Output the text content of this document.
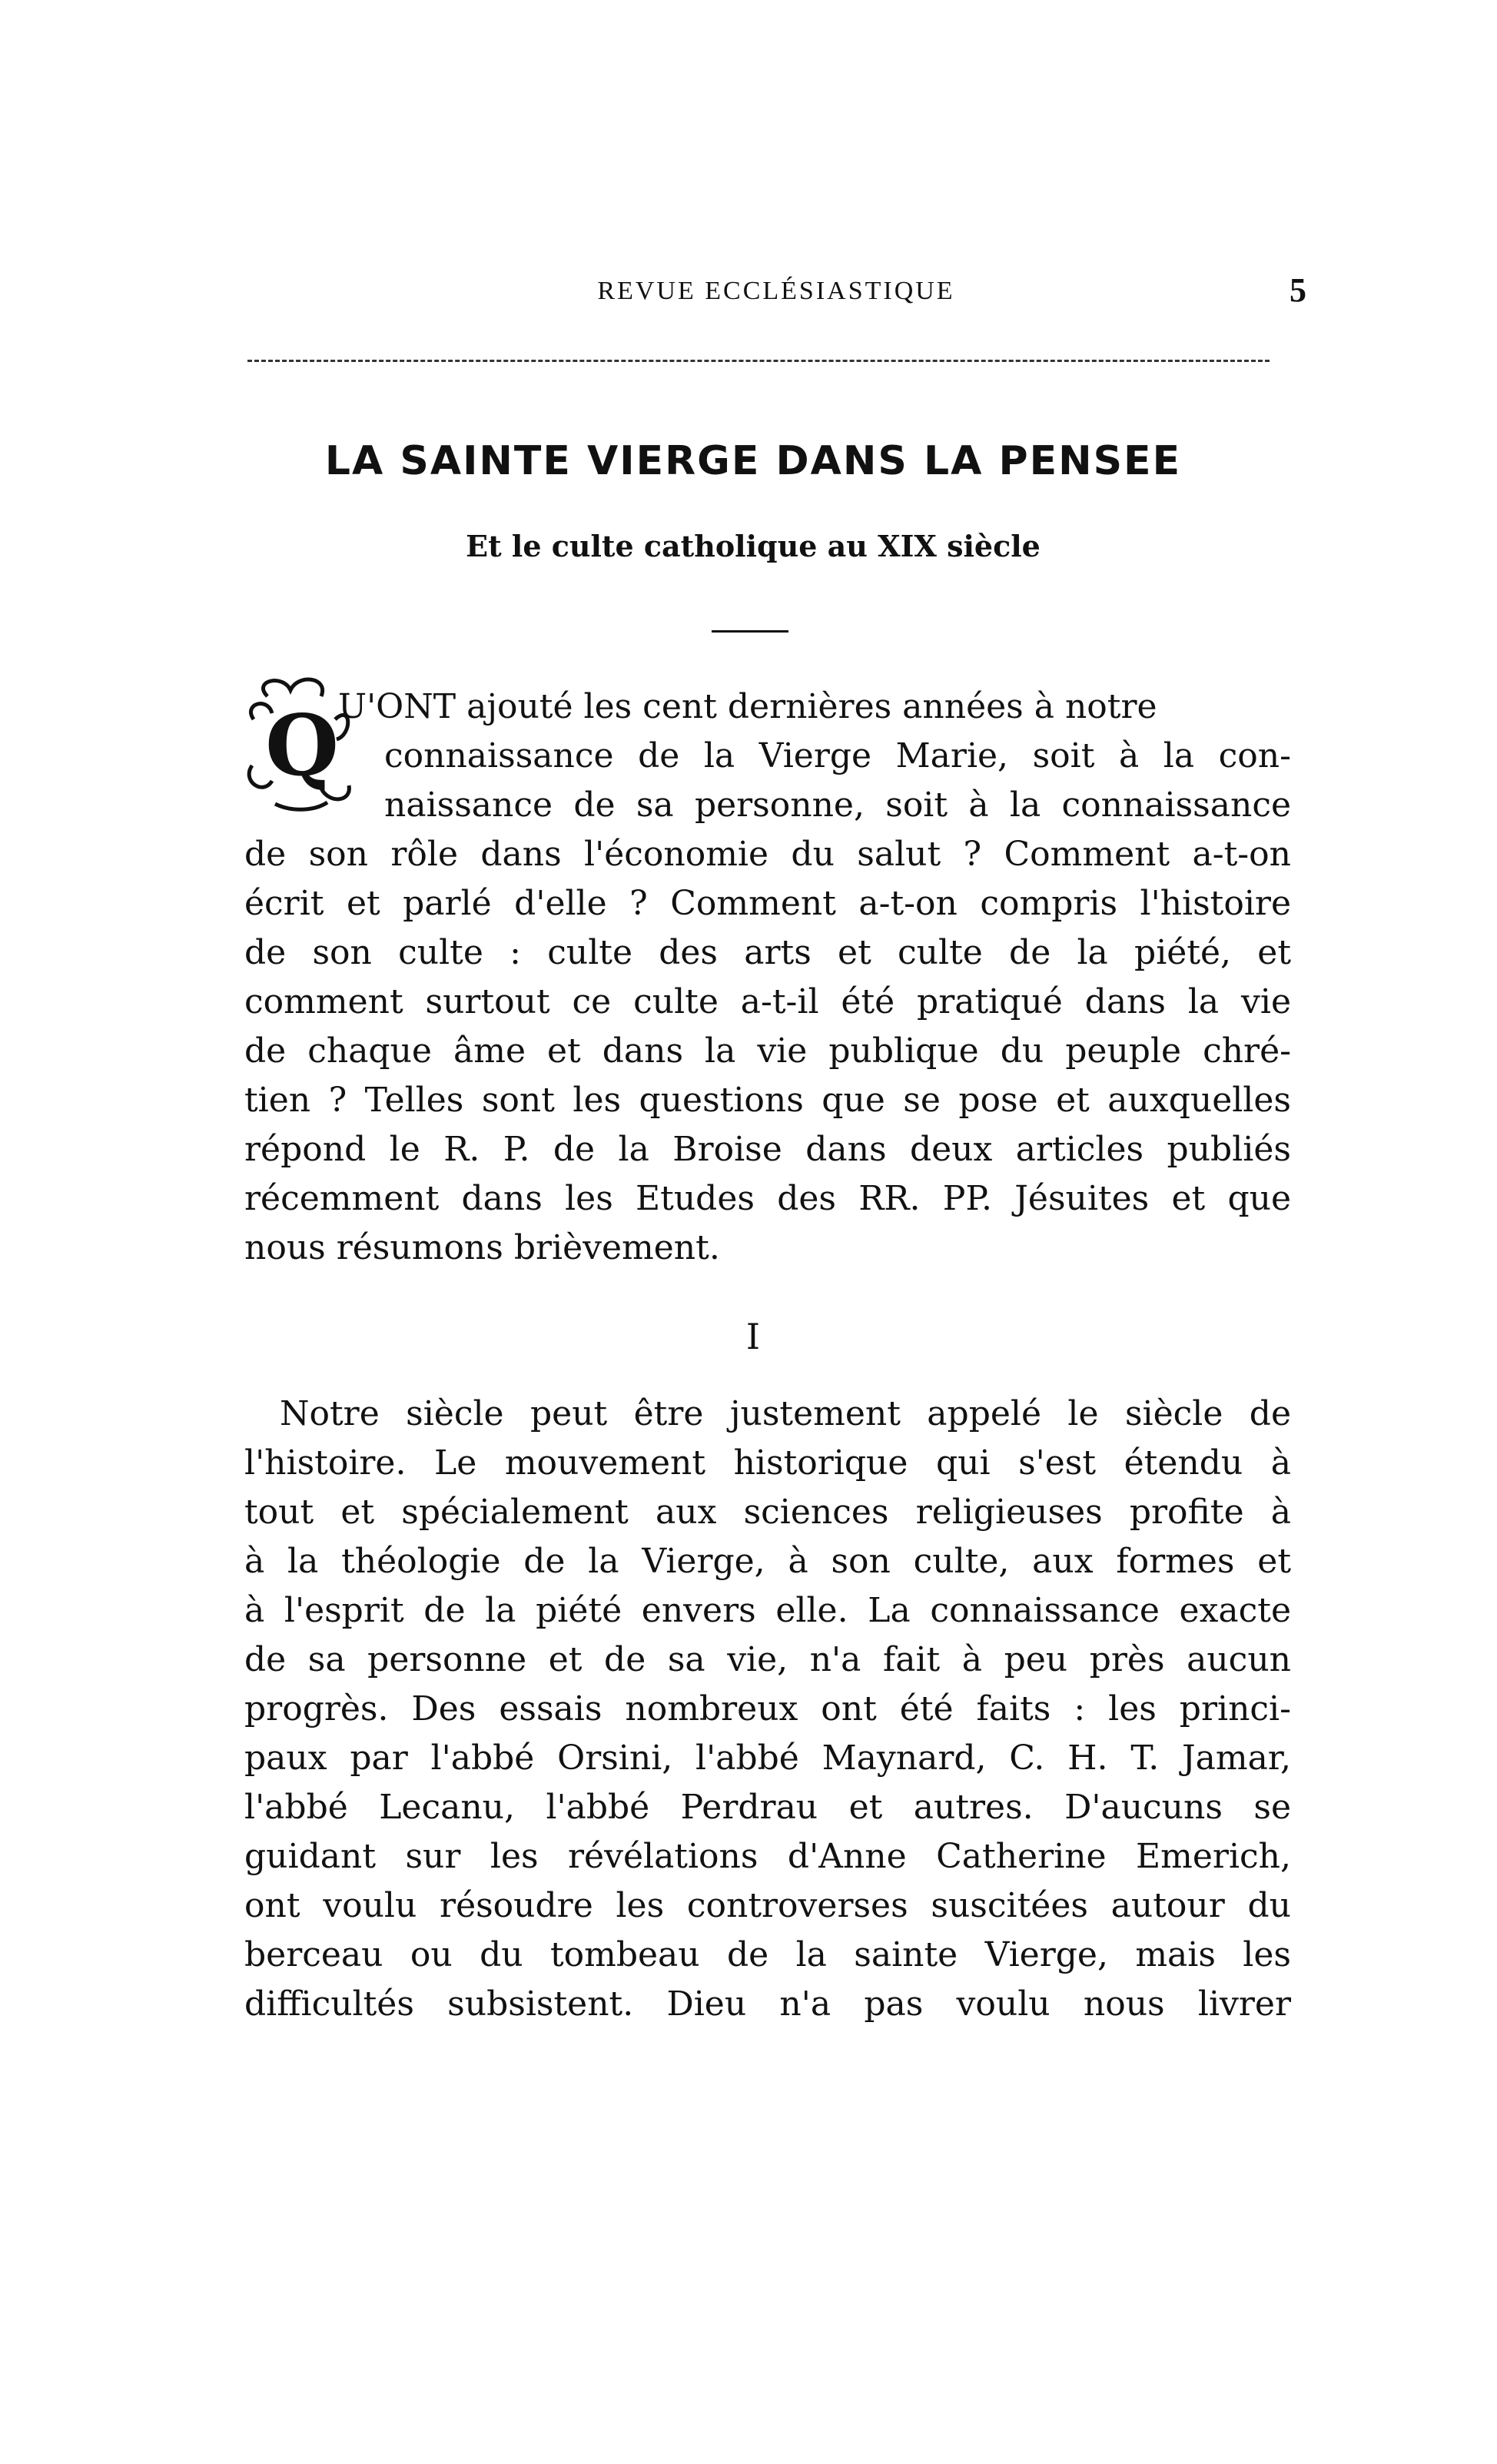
REVUE ECCLÉSIASTIQUE	5
LA SAINTE VIERGE DANS LA PENSEE
Et le culte catholique au XIX siècle
Q U'ONT ajouté les cent dernières années à notre
connaissance de la Vierge Marie, soit à la con-
naissance de sa personne, soit à la connaissance
de son rôle dans l'économie du salut ? Comment a-t-on
écrit et parlé d'elle ? Comment a-t-on compris l'histoire
de son culte : culte des arts et culte de la piété, et
comment surtout ce culte a-t-il été pratiqué dans la vie
de chaque âme et dans la vie publique du peuple chré-
tien ? Telles sont les questions que se pose et auxquelles
répond le R. P. de la Broise dans deux articles publiés
récemment dans les Etudes des RR. PP. Jésuites et que
nous résumons brièvement.
I
Notre siècle peut être justement appelé le siècle de
l'histoire. Le mouvement historique qui s'est étendu à
tout et spécialement aux sciences religieuses profite à
à la théologie de la Vierge, à son culte, aux formes et
à l'esprit de la piété envers elle. La connaissance exacte
de sa personne et de sa vie, n'a fait à peu près aucun
progrès. Des essais nombreux ont été faits : les princi-
paux par l'abbé Orsini, l'abbé Maynard, C. H. T. Jamar,
l'abbé Lecanu, l'abbé Perdrau et autres. D'aucuns se
guidant sur les révélations d'Anne Catherine Emerich,
ont voulu résoudre les controverses suscitées autour du
berceau ou du tombeau de la sainte Vierge, mais les
difficultés subsistent. Dieu n'a pas voulu nous livrer
